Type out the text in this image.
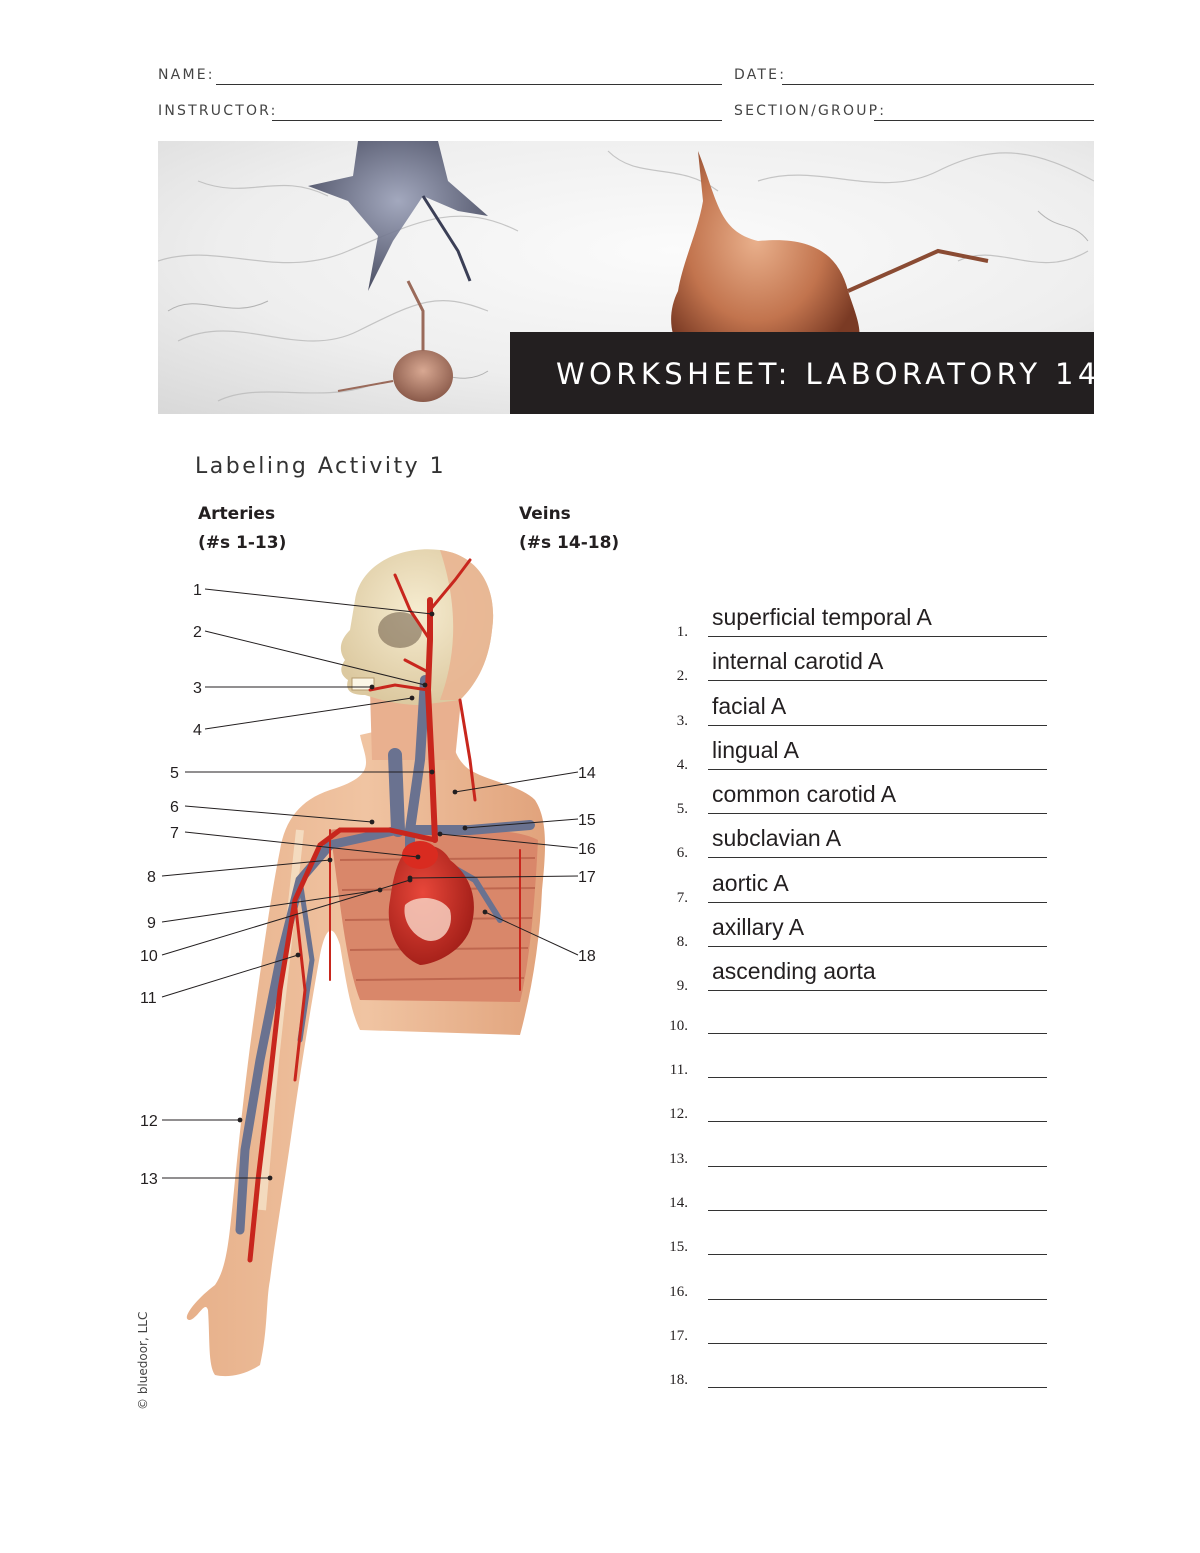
NAME:	DATE:
INSTRUCTOR:	SECTION/GROUP:
WORKSHEET: LABORATORY 14
Labeling Activity 1
Arteries
(#s 1-13)
Veins
(#s 14-18)
1
2
3
4
5
6
7
8
9
10
11
12
13
14
15
16
17
18
© bluedoor, LLC
1.
superficial temporal A
2.
internal carotid A
3.
facial A
4.
lingual A
5.
common carotid A
6.
subclavian A
7.
aortic A
8.
axillary A
9.
ascending aorta
10.
11.
12.
13.
14.
15.
16.
17.
18.
